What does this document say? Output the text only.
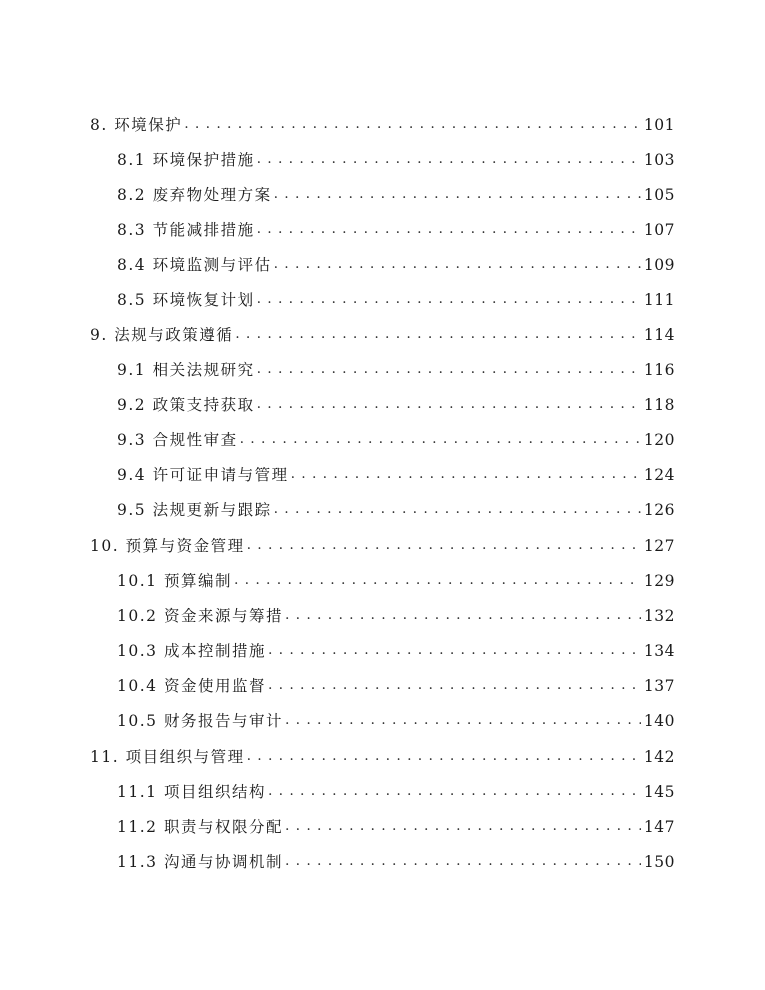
8. 环境保护 . . .	101
8.1 环境保护措施 . . .	103
8.2 废弃物处理方案 . . .	105
8.3 节能减排措施 . . .	107
8.4 环境监测与评估 . . .	109
8.5 环境恢复计划 . . .	111
9. 法规与政策遵循 . . .	114
9.1 相关法规研究 . . .	116
9.2 政策支持获取 . . .	118
9.3 合规性审查 . . .	120
9.4 许可证申请与管理 . . .	124
9.5 法规更新与跟踪 . . .	126
10. 预算与资金管理 . . .	127
10.1 预算编制 . . .	129
10.2 资金来源与筹措 . . .	132
10.3 成本控制措施 . . .	134
10.4 资金使用监督 . . .	137
10.5 财务报告与审计 . . .	140
11. 项目组织与管理 . . .	142
11.1 项目组织结构 . . .	145
11.2 职责与权限分配 . . .	147
11.3 沟通与协调机制 . . .	150
